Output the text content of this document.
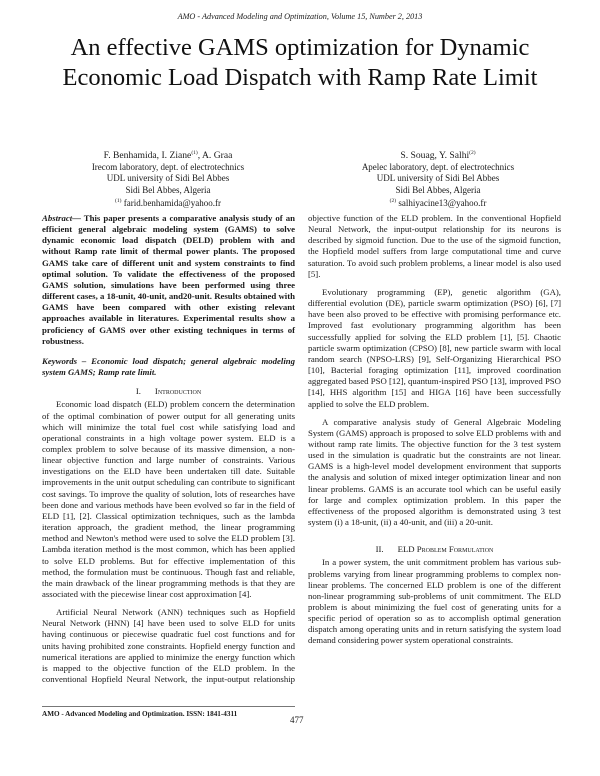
AMO - Advanced Modeling and Optimization, Volume 15, Number 2, 2013
An effective GAMS optimization for Dynamic
Economic Load Dispatch with Ramp Rate Limit
F. Benhamida, I. Ziane$^{(1)}$, A. Graa
Irecom laboratory, dept. of electrotechnics
UDL university of Sidi Bel Abbes
Sidi Bel Abbes, Algeria
$^{(1)}$ farid.benhamida@yahoo.fr
S. Souag, Y. Salhi$^{(2)}$
Apelec laboratory, dept. of electrotechnics
UDL university of Sidi Bel Abbes
Sidi Bel Abbes, Algeria
$^{(2)}$ salhiyacine13@yahoo.fr

Abstract— This paper presents a comparative analysis study of an efficient general algebraic modeling system (GAMS) to solve dynamic economic load dispatch (DELD) problem with and without Ramp rate limit of thermal power plants. The proposed GAMS take care of different unit and system constraints to find optimal solution. To validate the effectiveness of the proposed GAMS solution, simulations have been performed using three different cases, a 18-unit, 40-unit, and20-unit. Results obtained with GAMS have been compared with other existing relevant approaches available in literatures. Experimental results show a proficiency of GAMS over other existing techniques in terms of robustness.

Keywords – Economic load dispatch; general algebraic modeling system GAMS; Ramp rate limit.

I. Introduction

Economic load dispatch (ELD) problem concern the determination of the optimal combination of power output for all generating units which will minimize the total fuel cost while satisfying load and operational constraints in a high voltage power system. ELD is a complex problem to solve because of its massive dimension, a non-linear objective function and large number of constraints. Various investigations on the ELD have been undertaken till date. Suitable improvements in the unit output scheduling can contribute to significant cost savings. To improve the quality of solution, lots of researches have been done and various methods have been evolved so far in the field of ELD [1], [2]. Classical optimization techniques, such as the lambda iteration approach, the gradient method, the linear programming method and Newton's method were used to solve the ELD problem [3]. Lambda iteration method is the most common, which has been applied to solve ELD problems. But for effective implementation of this method, the formulation must be continuous. Though fast and reliable, the main drawback of the linear programming methods is that they are associated with the piecewise linear cost approximation [4].

Artificial Neural Network (ANN) techniques such as Hopfield Neural Network (HNN) [4] have been used to solve ELD for units having continuous or piecewise quadratic fuel cost functions and for units having prohibited zone constraints. Hopfield energy function and numerical iterations are applied to minimize the energy function which is mapped to the objective function of the ELD problem. In the conventional Hopfield Neural Network, the input-output relationship

objective function of the ELD problem. In the conventional Hopfield Neural Network, the input-output relationship for its neurons is described by sigmoid function. Due to the use of the sigmoid function, the Hopfield model suffers from large computational time and curve saturation. To avoid such problem problems, a linear model is also used [5].

Evolutionary programming (EP), genetic algorithm (GA), differential evolution (DE), particle swarm optimization (PSO) [6], [7] have been also proved to be effective with promising performance etc. Improved fast evolutionary programming algorithm has been successfully applied for solving the ELD problem [1], [5]. Chaotic particle swarm optimization (CPSO) [8], new particle swarm with local random search (NPSO-LRS) [9], Self-Organizing Hierarchical PSO [10], Bacterial foraging optimization [11], improved coordination aggregated based PSO [12], quantum-inspired PSO [13], improved PSO [14], HHS algorithm [15] and HIGA [16] have been successfully applied to solve the ELD problem.

A comparative analysis study of General Algebraic Modeling System (GAMS) approach is proposed to solve ELD problems with and without ramp rate limits. The objective function for the 3 test system used in the simulation is quadratic but the constraints are not linear. GAMS is a high-level model development environment that supports the analysis and solution of mixed integer optimization linear and non linear problems. GAMS is an accurate tool which can be useful easily for large and complex optimization problem. In this paper the effectiveness of the proposed algorithm is demonstrated using 3 test system (i) a 18-unit, (ii) a 40-unit, and (iii) a 20-unit.

II. ELD Problem Formulation

In a power system, the unit commitment problem has various sub-problems varying from linear programming problems to complex non-linear problems. The concerned ELD problem is one of the different non-linear programming sub-problems of unit commitment. The ELD problem is about minimizing the fuel cost of generating units for a specific period of operation so as to accomplish optimal generation dispatch among operating units and in return satisfying the system load demand considering power system operational constraints.

AMO - Advanced Modeling and Optimization. ISSN: 1841-4311
477
